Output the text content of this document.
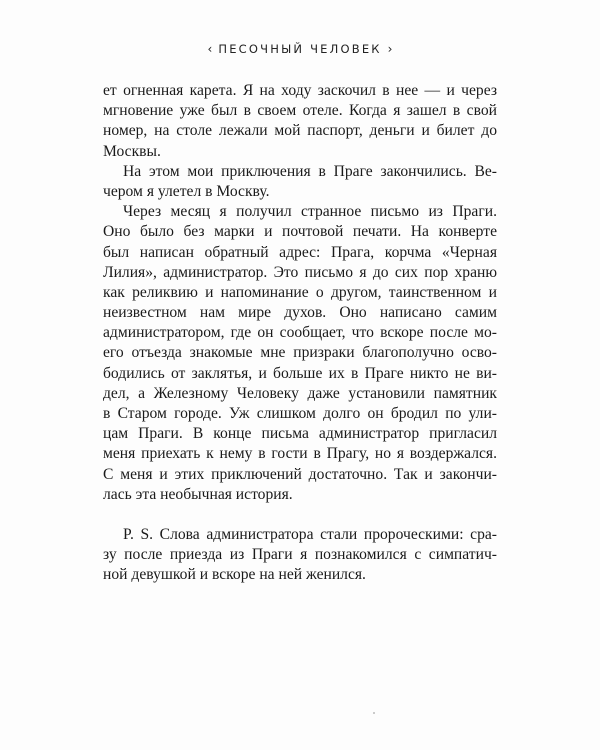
‹ ПЕСОЧНЫЙ ЧЕЛОВЕК ›
ет огненная карета. Я на ходу заскочил в нее — и через
мгновение уже был в своем отеле. Когда я зашел в свой
номер, на столе лежали мой паспорт, деньги и билет до
Москвы.
На этом мои приключения в Праге закончились. Ве-
чером я улетел в Москву.
Через месяц я получил странное письмо из Праги.
Оно было без марки и почтовой печати. На конверте
был написан обратный адрес: Прага, корчма «Черная
Лилия», администратор. Это письмо я до сих пор храню
как реликвию и напоминание о другом, таинственном и
неизвестном нам мире духов. Оно написано самим
администратором, где он сообщает, что вскоре после мо-
его отъезда знакомые мне призраки благополучно осво-
бодились от заклятья, и больше их в Праге никто не ви-
дел, а Железному Человеку даже установили памятник
в Старом городе. Уж слишком долго он бродил по ули-
цам Праги. В конце письма администратор пригласил
меня приехать к нему в гости в Прагу, но я воздержался.
С меня и этих приключений достаточно. Так и закончи-
лась эта необычная история.
P. S. Слова администратора стали пророческими: сра-
зу после приезда из Праги я познакомился с симпатич-
ной девушкой и вскоре на ней женился.
